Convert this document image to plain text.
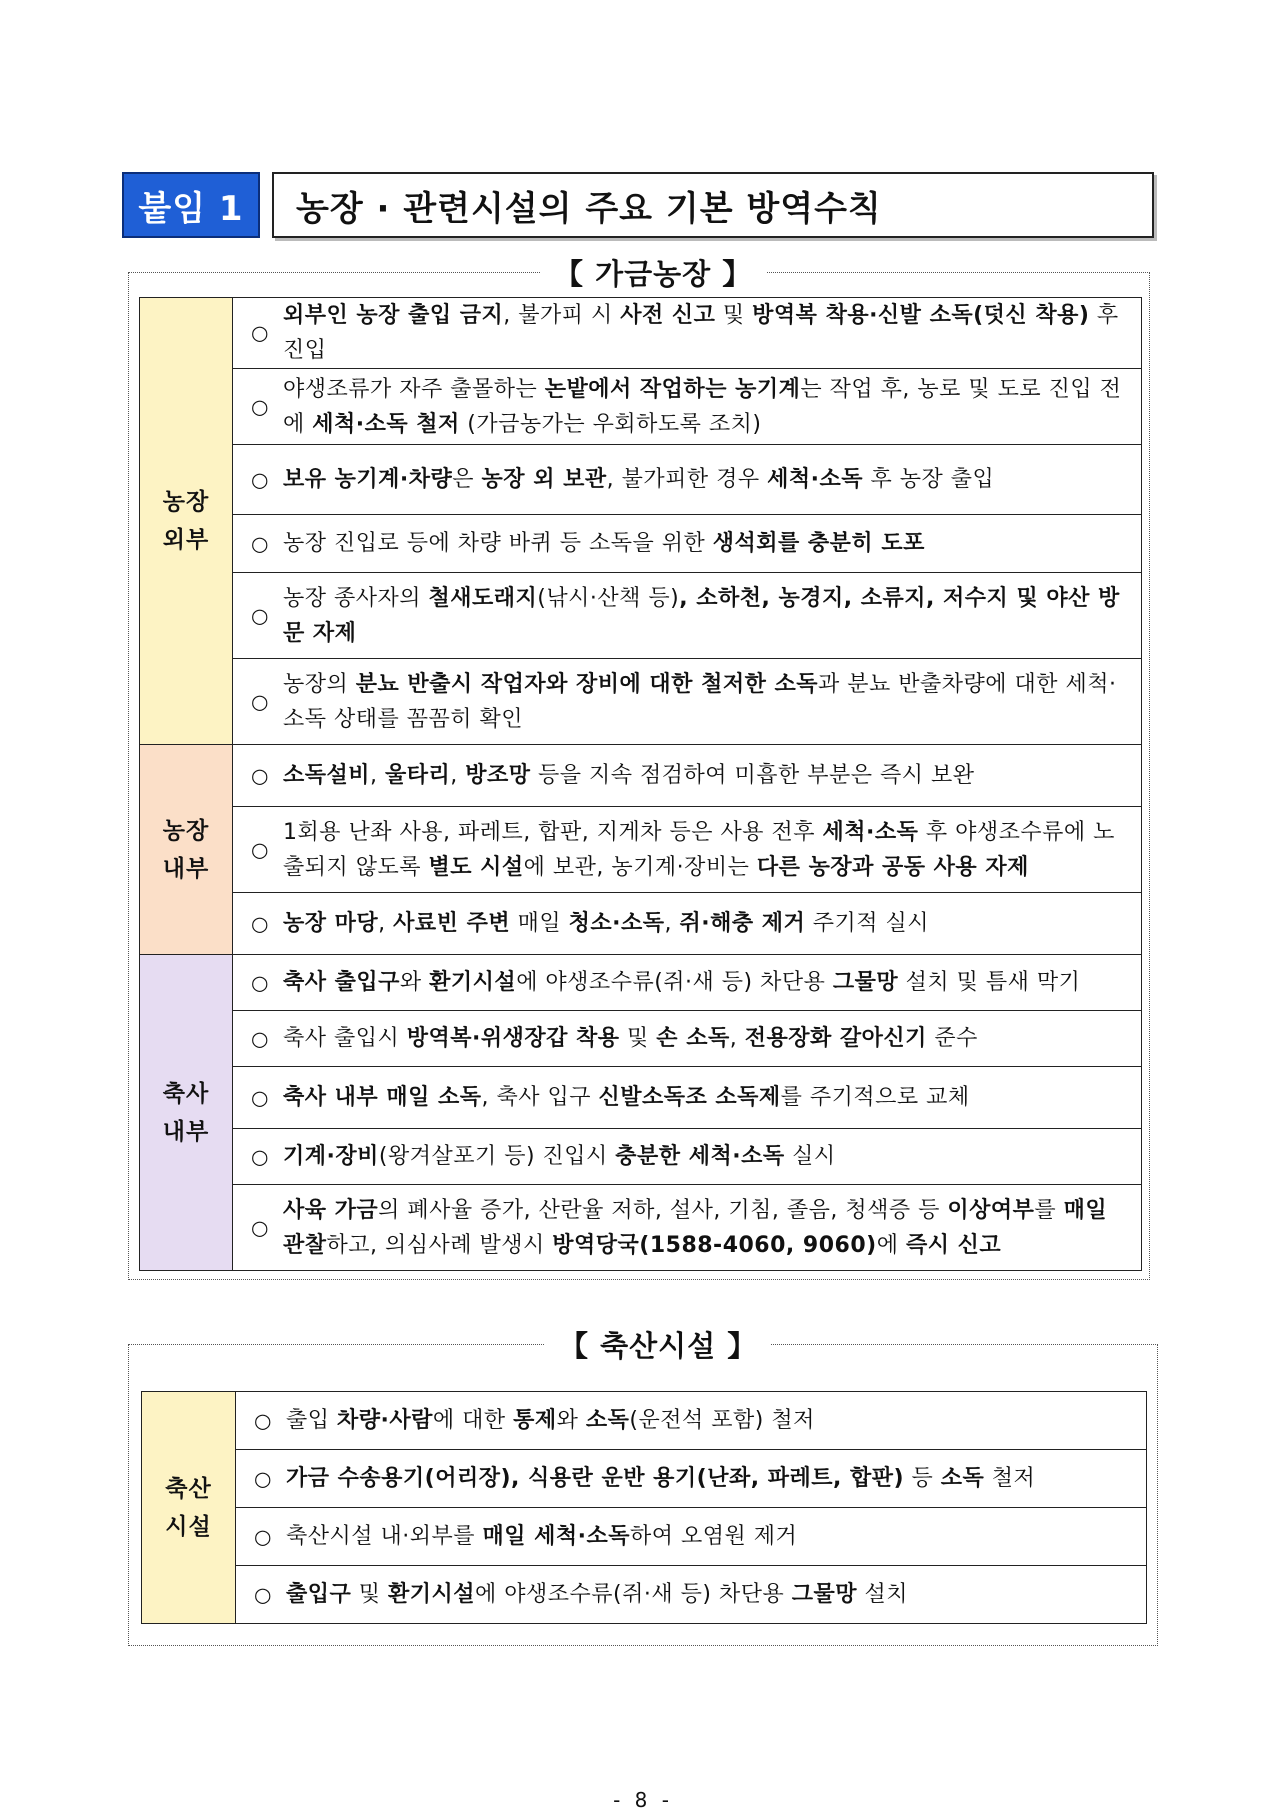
붙임 1	농장 · 관련시설의 주요 기본 방역수칙
【 가금농장 】
농장
외부	○
외부인 농장 출입 금지, 불가피 시 사전 신고 및 방역복 착용·신발 소독(덧신 착용) 후 진입

	○
야생조류가 자주 출몰하는 논밭에서 작업하는 농기계는 작업 후, 농로 및 도로 진입 전에 세척·소독 철저 (가금농가는 우회하도록 조치)

	○ 보유 농기계·차량은 농장 외 보관, 불가피한 경우 세척·소독 후 농장 출입

	○ 농장 진입로 등에 차량 바퀴 등 소독을 위한 생석회를 충분히 도포

	○
농장 종사자의 철새도래지(낚시·산책 등), 소하천, 농경지, 소류지, 저수지 및 야산 방문 자제

	○
농장의 분뇨 반출시 작업자와 장비에 대한 철저한 소독과 분뇨 반출차량에 대한 세척·소독 상태를 꼼꼼히 확인
농장
내부	○ 소독설비, 울타리, 방조망 등을 지속 점검하여 미흡한 부분은 즉시 보완

	○
1회용 난좌 사용, 파레트, 합판, 지게차 등은 사용 전후 세척·소독 후 야생조수류에 노출되지 않도록 별도 시설에 보관, 농기계·장비는 다른 농장과 공동 사용 자제

	○ 농장 마당, 사료빈 주변 매일 청소·소독, 쥐·해충 제거 주기적 실시
축사
내부	○ 축사 출입구와 환기시설에 야생조수류(쥐·새 등) 차단용 그물망 설치 및 틈새 막기

	○ 축사 출입시 방역복·위생장갑 착용 및 손 소독, 전용장화 갈아신기 준수

	○ 축사 내부 매일 소독, 축사 입구 신발소독조 소독제를 주기적으로 교체

	○ 기계·장비(왕겨살포기 등) 진입시 충분한 세척·소독 실시

	○
사육 가금의 폐사율 증가, 산란율 저하, 설사, 기침, 졸음, 청색증 등 이상여부를 매일 관찰하고, 의심사례 발생시 방역당국(1588-4060, 9060)에 즉시 신고
【 축산시설 】
축산
시설	
○ 출입 차량·사람에 대한 통제와 소독(운전석 포함) 철저

○ 가금 수송용기(어리장), 식용란 운반 용기(난좌, 파레트, 합판) 등 소독 철저

○ 축산시설 내·외부를 매일 세척·소독하여 오염원 제거

○ 출입구 및 환기시설에 야생조수류(쥐·새 등) 차단용 그물망 설치
- 8 -
